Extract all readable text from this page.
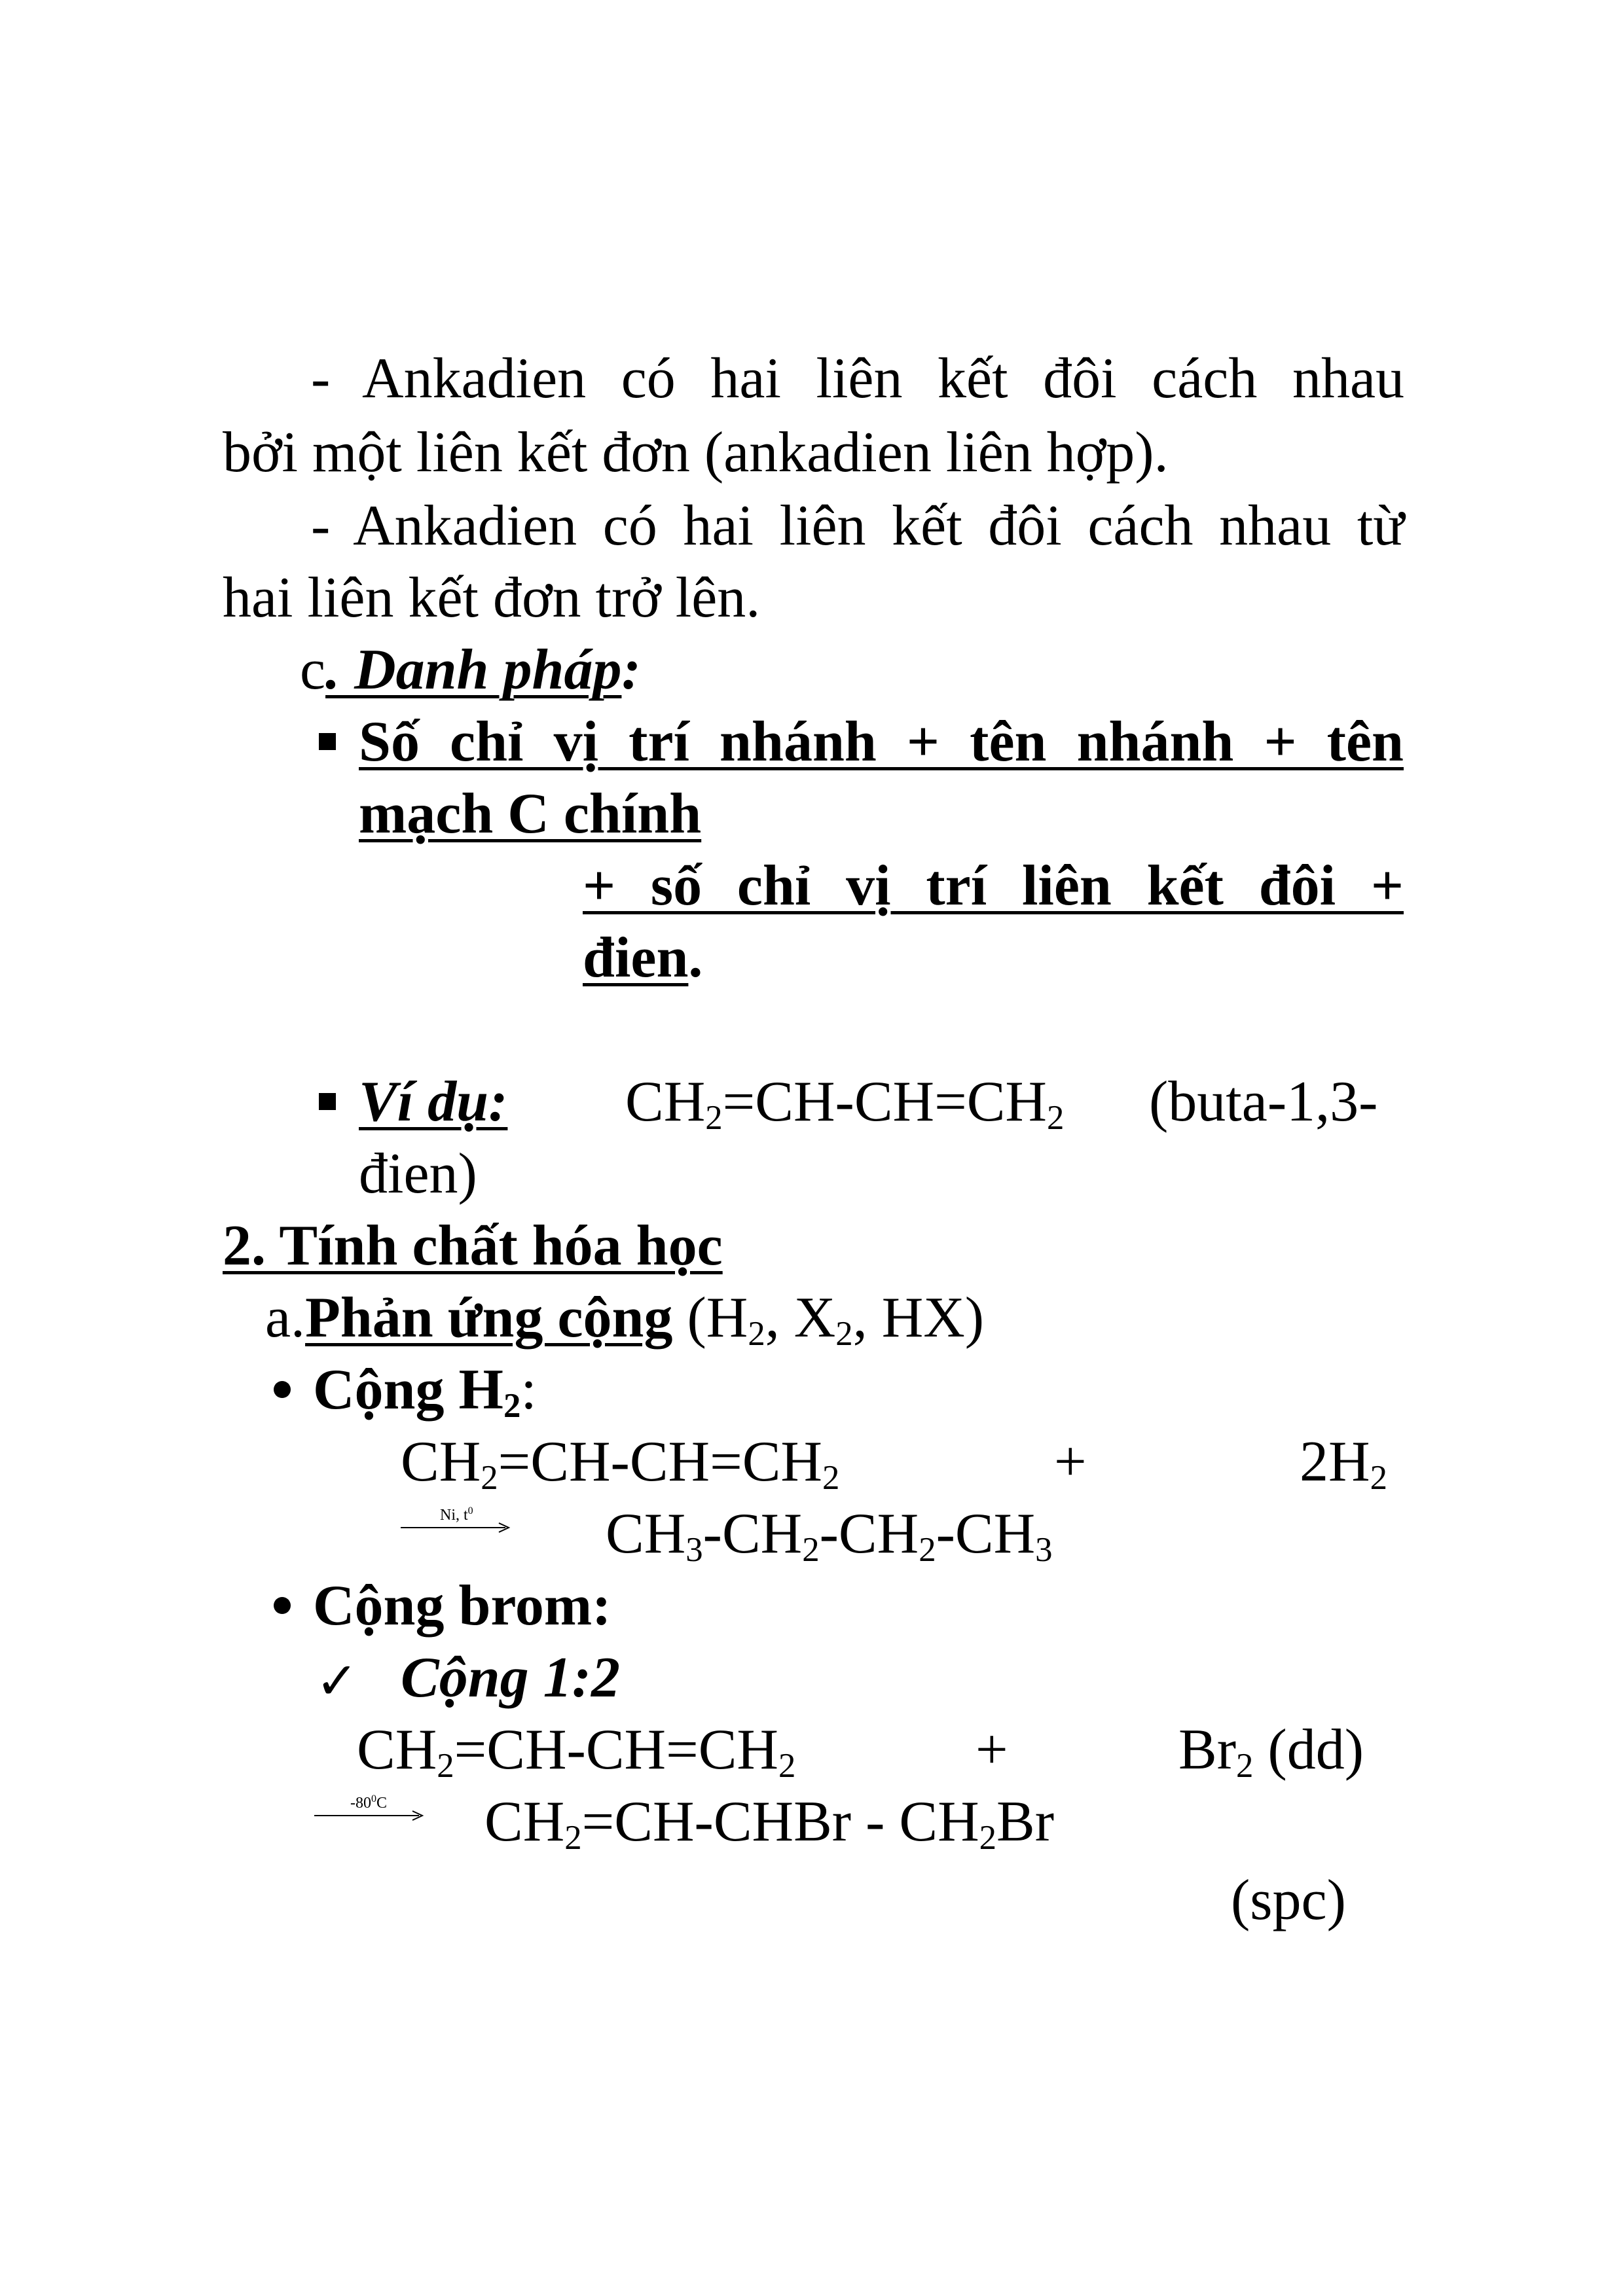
- Ankadien có hai liên kết đôi cách nhau
bởi một liên kết đơn (ankadien liên hợp).
- Ankadien có hai liên kết đôi cách nhau từ
hai liên kết đơn trở lên.
c. Danh pháp:
Số chỉ vị trí nhánh + tên nhánh + tên
mạch C chính
+ số chỉ vị trí liên kết đôi +
đien.
Ví dụ: $CH_2=CH-CH=CH_2$ (buta-1,3-
đien)
2. Tính chất hóa học
a.Phản ứng cộng ($H_2$, $X_2$, HX)
Cộng $H_2$:
$CH_2=CH-CH=CH_2$	+	$2H_2$
Ni, $t^0$ $CH_3-CH_2-CH_2-CH_3$
Cộng brom:
✓ Cộng 1:2
$CH_2=CH-CH=CH_2$	+	$Br_2$ (dd)
$-80^0C$ $CH_2=CH$-CHBr - $CH_2Br$
(spc)
